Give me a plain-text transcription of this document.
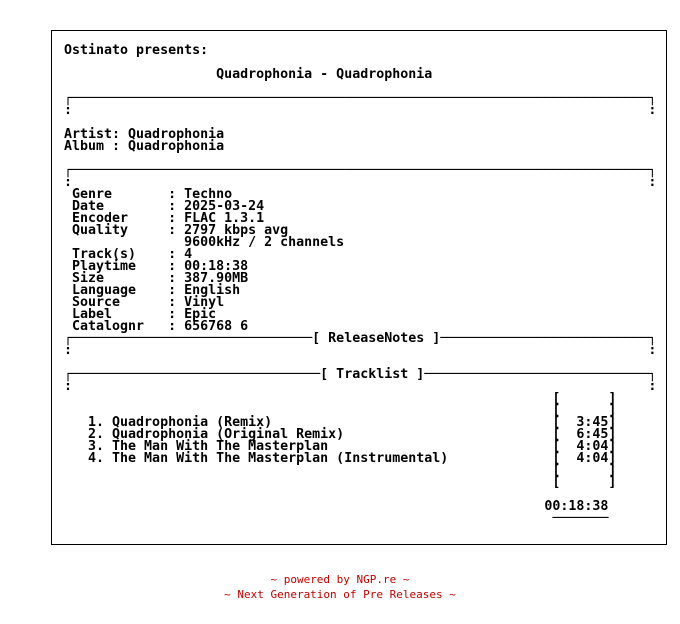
Ostinato presents:

Quadrophonia - Quadrophonia

┌────────────────────────────────────────────────────────────────────────┐
:                                                                        :

Artist: Quadrophonia
Album : Quadrophonia

┌────────────────────────────────────────────────────────────────────────┐
:                                                                        :
Genre       : Techno
Date        : 2025-03-24
Encoder     : FLAC 1.3.1
Quality     : 2797 kbps avg
9600kHz / 2 channels
Track(s)    : 4
Playtime    : 00:18:38
Size        : 387.90MB
Language    : English
Source      : Vinyl
Label       : Epic
Catalognr   : 656768 6
┌──────────────────────────────[ ReleaseNotes ]──────────────────────────┐
:                                                                        :

┌───────────────────────────────[ Tracklist ]────────────────────────────┐
:                                                                        :
[      ]
[      ]
1. Quadrophonia (Remix)                                   [  3:45]
2. Quadrophonia (Original Remix)                          [  6:45]
3. The Man With The Masterplan                            [  4:04]
4. The Man With The Masterplan (Instrumental)             [  4:04]
[      ]
[      ]

00:18:38
───────
~ powered by NGP.re ~
~ Next Generation of Pre Releases ~
